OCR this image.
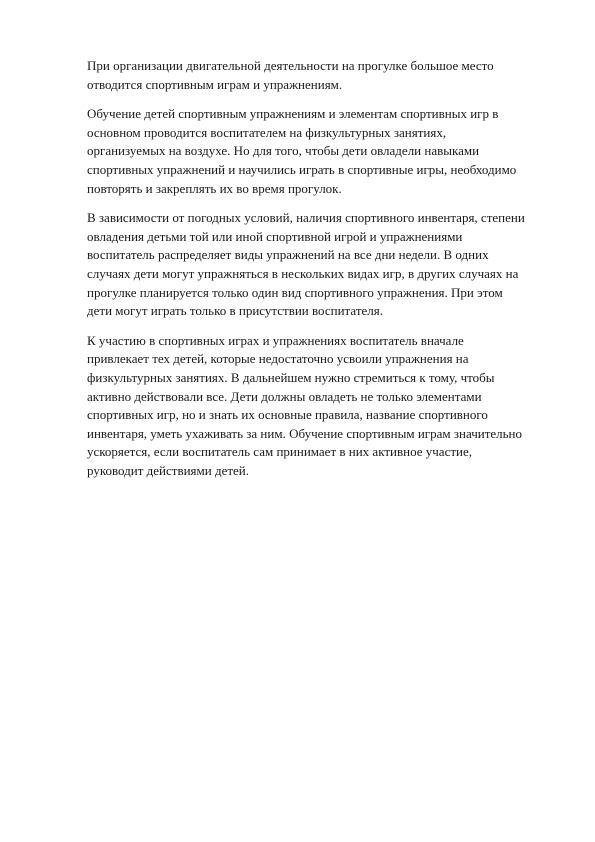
При организации двигательной деятельности на прогулке большое место
отводится спортивным играм и упражнениям.

Обучение детей спортивным упражнениям и элементам спортивных игр в
основном проводится воспитателем на физкультурных занятиях,
организуемых на воздухе. Но для того, чтобы дети овладели навыками
спортивных упражнений и научились играть в спортивные игры, необходимо
повторять и закреплять их во время прогулок.

В зависимости от погодных условий, наличия спортивного инвентаря, степени
овладения детьми той или иной спортивной игрой и упражнениями
воспитатель распределяет виды упражнений на все дни недели. В одних
случаях дети могут упражняться в нескольких видах игр, в других случаях на
прогулке планируется только один вид спортивного упражнения. При этом
дети могут играть только в присутствии воспитателя.

К участию в спортивных играх и упражнениях воспитатель вначале
привлекает тех детей, которые недостаточно усвоили упражнения на
физкультурных занятиях. В дальнейшем нужно стремиться к тому, чтобы
активно действовали все. Дети должны овладеть не только элементами
спортивных игр, но и знать их основные правила, название спортивного
инвентаря, уметь ухаживать за ним. Обучение спортивным играм значительно
ускоряется, если воспитатель сам принимает в них активное участие,
руководит действиями детей.
